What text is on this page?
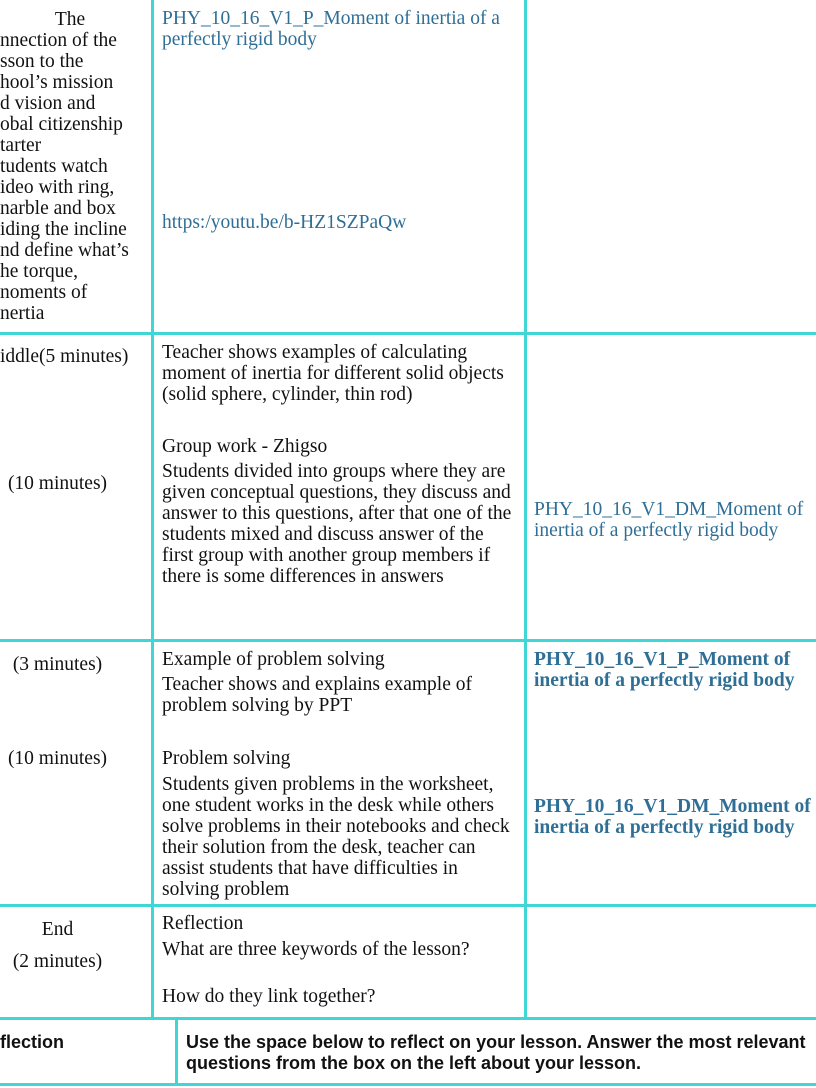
The
nnection of the
sson to the
hool’s mission
d vision and
obal citizenship
tarter
tudents watch
ideo with ring,
narble and box
iding the incline
nd define what’s
he torque,
noments of
nertia
PHY_10_16_V1_P_Moment of inertia of a perfectly rigid body
https:/youtu.be/b-HZ1SZPaQw
iddle(5 minutes)
(10 minutes)
Teacher shows examples of calculating moment of inertia for different solid objects (solid sphere, cylinder, thin rod)
Group work - Zhigso
Students divided into groups where they are given conceptual questions, they discuss and answer to this questions, after that one of the students mixed and discuss answer of the first group with another group members if there is some differences in answers
PHY_10_16_V1_DM_Moment of inertia of a perfectly rigid body
(3 minutes)
(10 minutes)
Example of problem solving
Teacher shows and explains example of problem solving by PPT
Problem solving
Students given problems in the worksheet, one student works in the desk while others solve problems in their notebooks and check their solution from the desk, teacher can assist students that have difficulties in solving problem
PHY_10_16_V1_P_Moment of inertia of a perfectly rigid body
PHY_10_16_V1_DM_Moment of inertia of a perfectly rigid body
End
(2 minutes)
Reflection
What are three keywords of the lesson?
How do they link together?
flection	Use the space below to reflect on your lesson. Answer the most relevant questions from the box on the left about your lesson.
